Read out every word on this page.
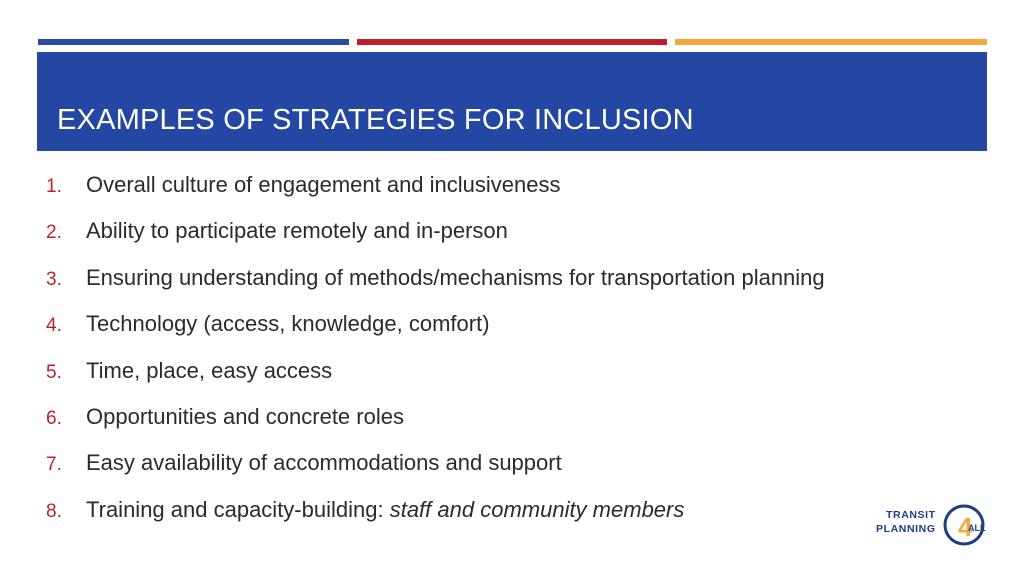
EXAMPLES OF STRATEGIES FOR INCLUSION
1.	Overall culture of engagement and inclusiveness
2.	Ability to participate remotely and in-person
3.	Ensuring understanding of methods/mechanisms for transportation planning
4.	Technology (access, knowledge, comfort)
5.	Time, place, easy access
6.	Opportunities and concrete roles
7.	Easy availability of accommodations and support
8.	Training and capacity-building: staff and community members	TRANSIT
PLANNING 4
ALL
